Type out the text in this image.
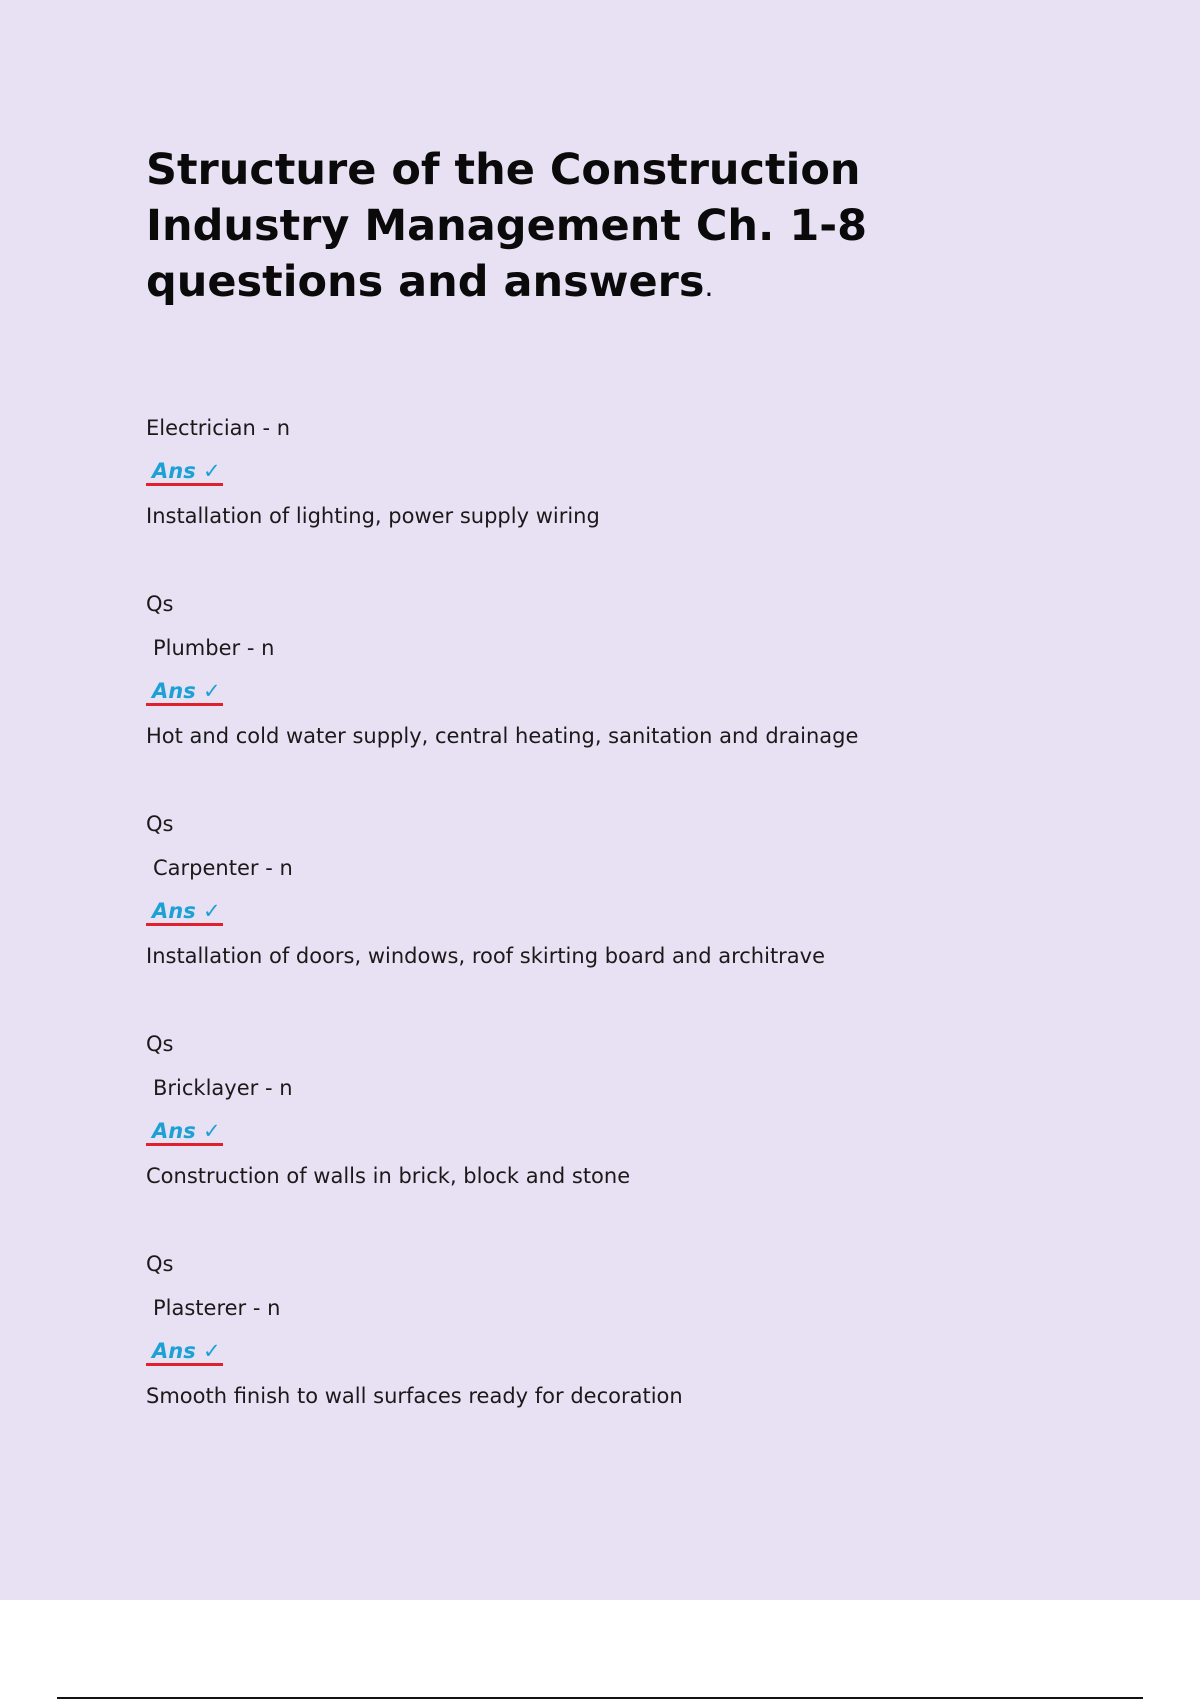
Structure of the Construction Industry Management Ch. 1-8 questions and answers.
Electrician - n
Ans ✓
Installation of lighting, power supply wiring
Qs
Plumber - n
Ans ✓
Hot and cold water supply, central heating, sanitation and drainage
Qs
Carpenter - n
Ans ✓
Installation of doors, windows, roof skirting board and architrave
Qs
Bricklayer - n
Ans ✓
Construction of walls in brick, block and stone
Qs
Plasterer - n
Ans ✓
Smooth finish to wall surfaces ready for decoration
